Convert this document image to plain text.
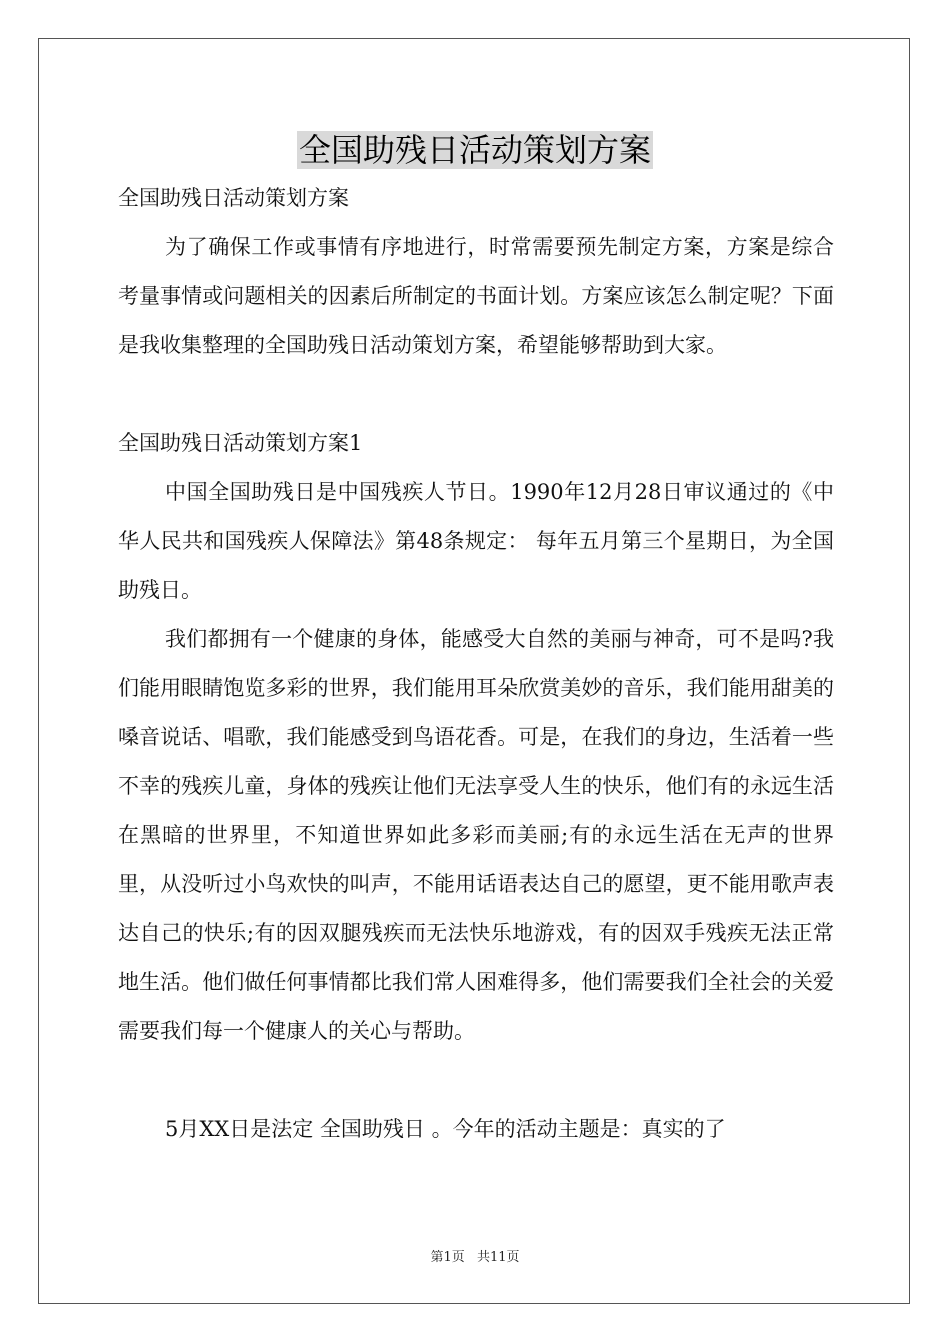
全国助残日活动策划方案
全国助残日活动策划方案
为了确保工作或事情有序地进行，时常需要预先制定方案，方案是综合考量事情或问题相关的因素后所制定的书面计划。方案应该怎么制定呢？下面是我收集整理的全国助残日活动策划方案，希望能够帮助到大家。
全国助残日活动策划方案1
中国全国助残日是中国残疾人节日。1990年12月28日审议通过的《中华人民共和国残疾人保障法》第48条规定： 每年五月第三个星期日，为全国助残日。
我们都拥有一个健康的身体，能感受大自然的美丽与神奇，可不是吗?我们能用眼睛饱览多彩的世界，我们能用耳朵欣赏美妙的音乐，我们能用甜美的嗓音说话、唱歌，我们能感受到鸟语花香。可是，在我们的身边，生活着一些不幸的残疾儿童，身体的残疾让他们无法享受人生的快乐，他们有的永远生活在黑暗的世界里，不知道世界如此多彩而美丽;有的永远生活在无声的世界里，从没听过小鸟欢快的叫声，不能用话语表达自己的愿望，更不能用歌声表达自己的快乐;有的因双腿残疾而无法快乐地游戏，有的因双手残疾无法正常地生活。他们做任何事情都比我们常人困难得多，他们需要我们全社会的关爱需要我们每一个健康人的关心与帮助。
5月XX日是法定 全国助残日 。今年的活动主题是：真实的了
第1页 共11页
